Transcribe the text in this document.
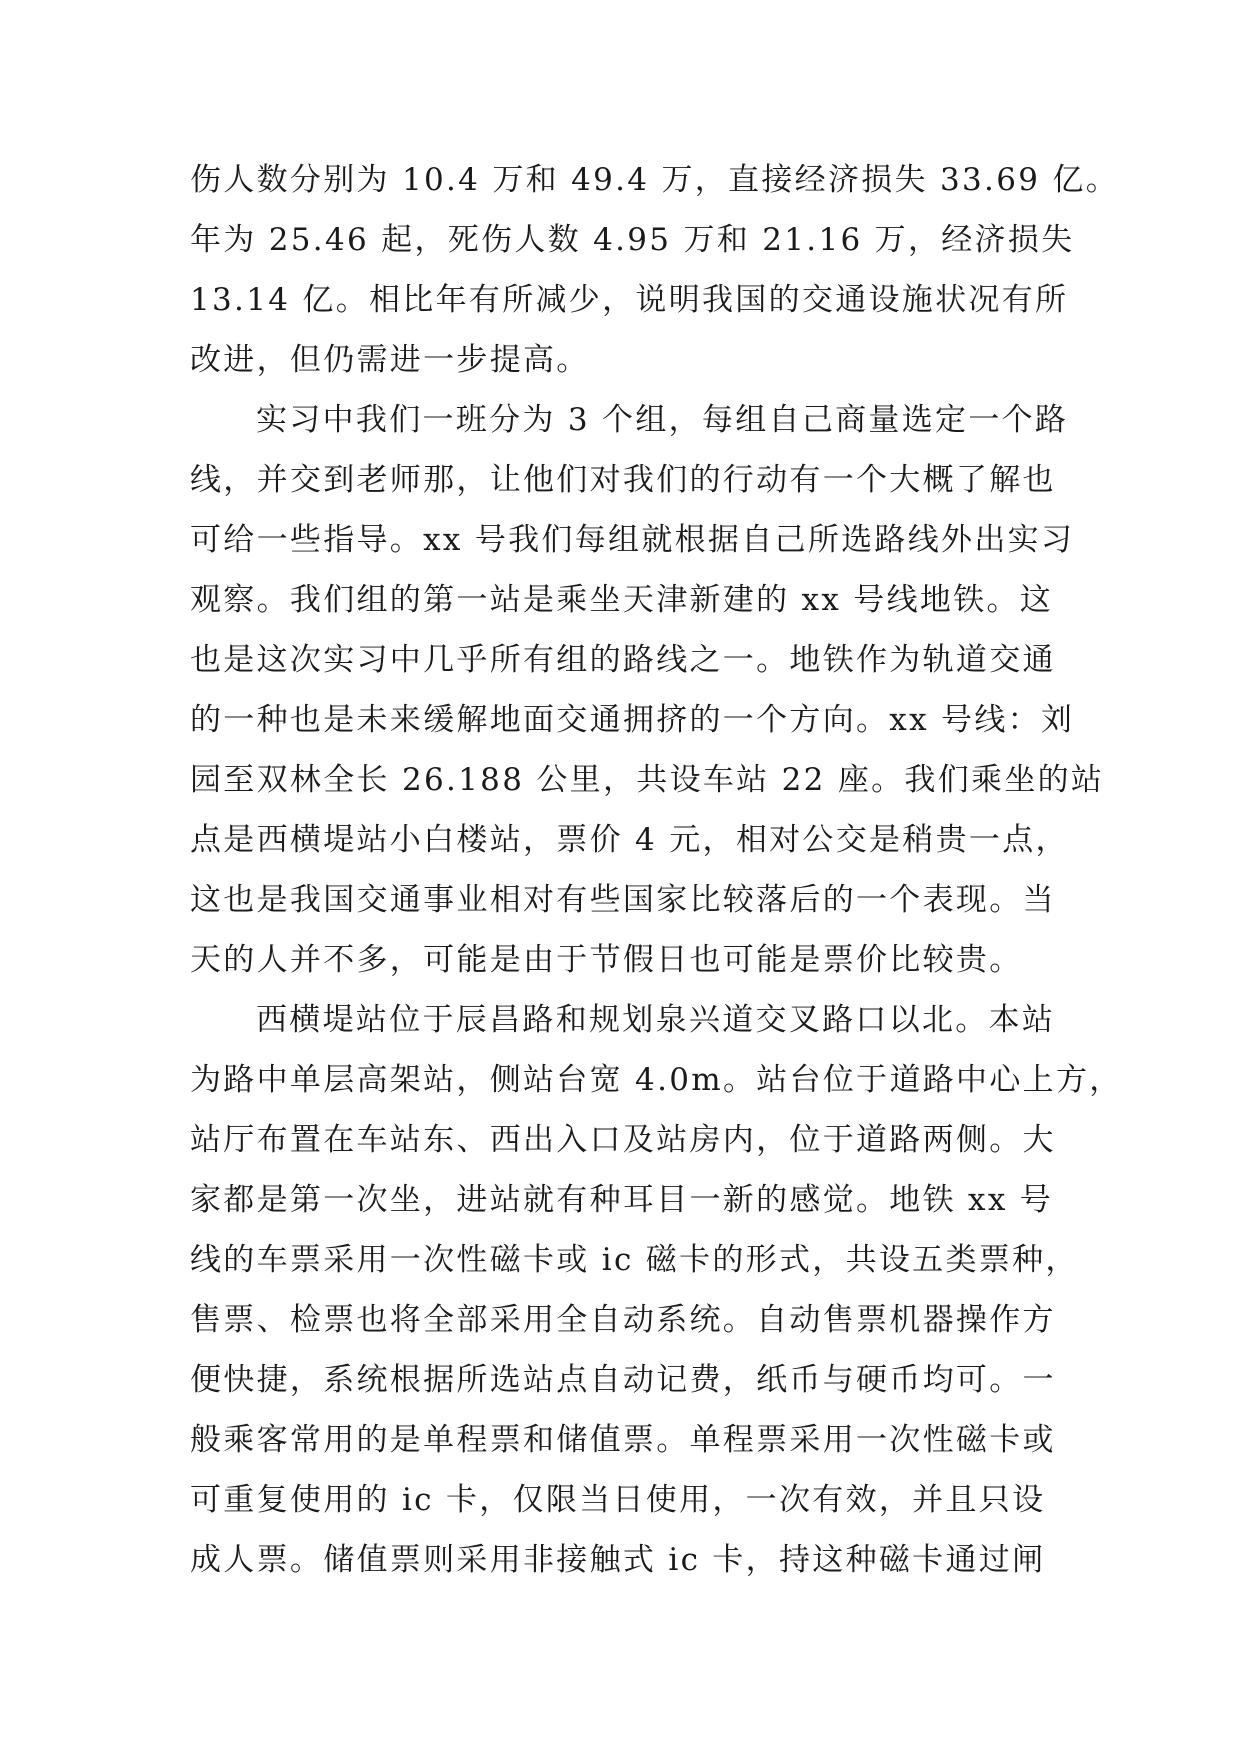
伤人数分别为 10.4 万和 49.4 万，直接经济损失 33.69 亿。
年为 25.46 起，死伤人数 4.95 万和 21.16 万，经济损失
13.14 亿。相比年有所减少，说明我国的交通设施状况有所
改进，但仍需进一步提高。
实习中我们一班分为 3 个组，每组自己商量选定一个路
线，并交到老师那，让他们对我们的行动有一个大概了解也
可给一些指导。xx 号我们每组就根据自己所选路线外出实习
观察。我们组的第一站是乘坐天津新建的 xx 号线地铁。这
也是这次实习中几乎所有组的路线之一。地铁作为轨道交通
的一种也是未来缓解地面交通拥挤的一个方向。xx 号线：刘
园至双林全长 26.188 公里，共设车站 22 座。我们乘坐的站
点是西横堤站小白楼站，票价 4 元，相对公交是稍贵一点，
这也是我国交通事业相对有些国家比较落后的一个表现。当
天的人并不多，可能是由于节假日也可能是票价比较贵。
西横堤站位于辰昌路和规划泉兴道交叉路口以北。本站
为路中单层高架站，侧站台宽 4.0m。站台位于道路中心上方，
站厅布置在车站东、西出入口及站房内，位于道路两侧。大
家都是第一次坐，进站就有种耳目一新的感觉。地铁 xx 号
线的车票采用一次性磁卡或 ic 磁卡的形式，共设五类票种，
售票、检票也将全部采用全自动系统。自动售票机器操作方
便快捷，系统根据所选站点自动记费，纸币与硬币均可。一
般乘客常用的是单程票和储值票。单程票采用一次性磁卡或
可重复使用的 ic 卡，仅限当日使用，一次有效，并且只设
成人票。储值票则采用非接触式 ic 卡，持这种磁卡通过闸
